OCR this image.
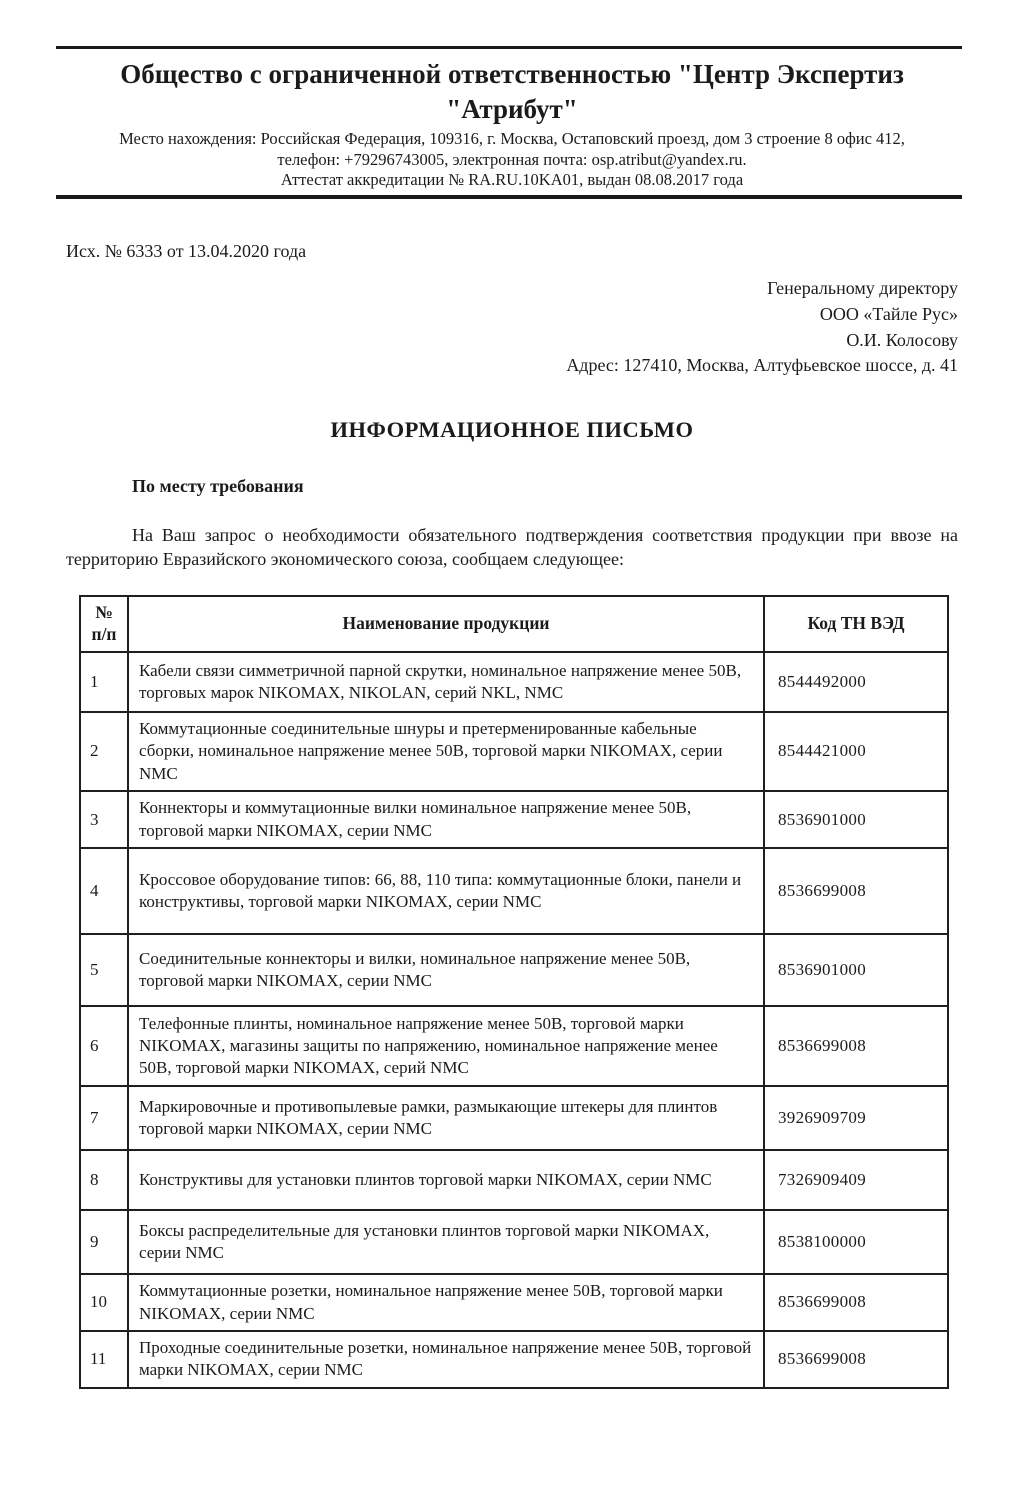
Общество с ограниченной ответственностью "Центр Экспертиз
"Атрибут"
Место нахождения: Российская Федерация, 109316, г. Москва, Остаповский проезд, дом 3 строение 8 офис 412,
телефон: +79296743005, электронная почта: osp.atribut@yandex.ru.
Аттестат аккредитации № RA.RU.10KA01, выдан 08.08.2017 года
Исх. № 6333 от 13.04.2020 года
Генеральному директору
ООО «Тайле Рус»
О.И. Колосову
Адрес: 127410, Москва, Алтуфьевское шоссе, д. 41
ИНФОРМАЦИОННОЕ ПИСЬМО
По месту требования
На Ваш запрос о необходимости обязательного подтверждения соответствия продукции при ввозе на территорию Евразийского экономического союза, сообщаем следующее:
№
п/п	Наименование продукции	Код ТН ВЭД
1	Кабели связи симметричной парной скрутки, номинальное напряжение менее 50В, торговых марок NIKOMAX, NIKOLAN, серий NKL, NMC	8544492000
2	Коммутационные соединительные шнуры и претерменированные кабельные сборки, номинальное напряжение менее 50В, торговой марки NIKOMAX, серии NMC	8544421000
3	Коннекторы и коммутационные вилки номинальное напряжение менее 50В, торговой марки NIKOMAX, серии NMC	8536901000
4	Кроссовое оборудование типов: 66, 88, 110 типа: коммутационные блоки, панели и конструктивы, торговой марки NIKOMAX, серии NMC	8536699008
5	Соединительные коннекторы и вилки, номинальное напряжение менее 50В, торговой марки NIKOMAX, серии NMC	8536901000
6	Телефонные плинты, номинальное напряжение менее 50В, торговой марки NIKOMAX, магазины защиты по напряжению, номинальное напряжение менее 50В, торговой марки NIKOMAX, серий NMC	8536699008
7	Маркировочные и противопылевые рамки, размыкающие штекеры для плинтов торговой марки NIKOMAX, серии NMC	3926909709
8	Конструктивы для установки плинтов торговой марки NIKOMAX, серии NMC	7326909409
9	Боксы распределительные для установки плинтов торговой марки NIKOMAX, серии NMC	8538100000
10	Коммутационные розетки, номинальное напряжение менее 50В, торговой марки NIKOMAX, серии NMC	8536699008
11	Проходные соединительные розетки, номинальное напряжение менее 50В, торговой марки NIKOMAX, серии NMC	8536699008
